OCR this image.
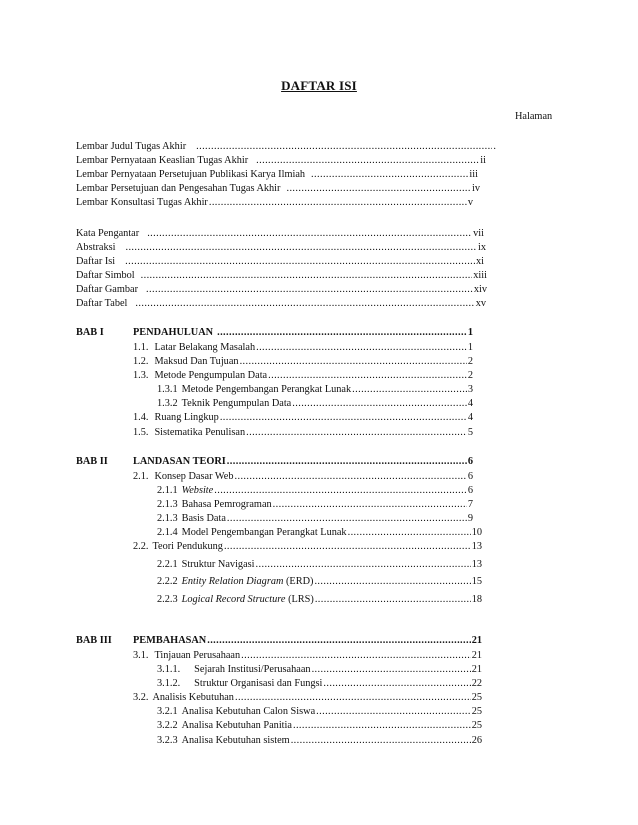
DAFTAR ISI
Halaman
Lembar Judul Tugas Akhir .....	.
Lembar Pernyataan Keaslian Tugas Akhir .....	ii
Lembar Pernyataan Persetujuan Publikasi Karya Ilmiah .....	iii
Lembar Persetujuan dan Pengesahan Tugas Akhir .....	iv
Lembar Konsultasi Tugas Akhir .....	v
Kata Pengantar .....	vii
Abstraksi .....	ix
Daftar Isi .....	xi
Daftar Simbol .....	xiii
Daftar Gambar .....	xiv
Daftar Tabel .....	xv
BAB I	PENDAHULUAN .....	1
1.1. Latar Belakang Masalah .....	1
1.2. Maksud Dan Tujuan .....	2
1.3. Metode Pengumpulan Data .....	2
1.3.1 Metode Pengembangan Perangkat Lunak .....	3
1.3.2 Teknik Pengumpulan Data .....	4
1.4. Ruang Lingkup .....	4
1.5. Sistematika Penulisan .....	5
BAB II LANDASAN TEORI .....	6
2.1. Konsep Dasar Web .....	6
2.1.1 Website .....	6
2.1.3 Bahasa Pemrograman .....	7
2.1.3 Basis Data .....	9
2.1.4 Model Pengembangan Perangkat Lunak .....	10
2.2. Teori Pendukung .....	13
2.2.1 Struktur Navigasi .....	13
2.2.2 Entity Relation Diagram (ERD) .....	15
2.2.3 Logical Record Structure (LRS) .....	18
BAB III PEMBAHASAN .....	21
3.1. Tinjauan Perusahaan .....	21
3.1.1. Sejarah Institusi/Perusahaan .....	21
3.1.2. Struktur Organisasi dan Fungsi .....	22
3.2. Analisis Kebutuhan .....	25
3.2.1 Analisa Kebutuhan Calon Siswa .....	25
3.2.2 Analisa Kebutuhan Panitia .....	25
3.2.3 Analisa Kebutuhan sistem .....	26
